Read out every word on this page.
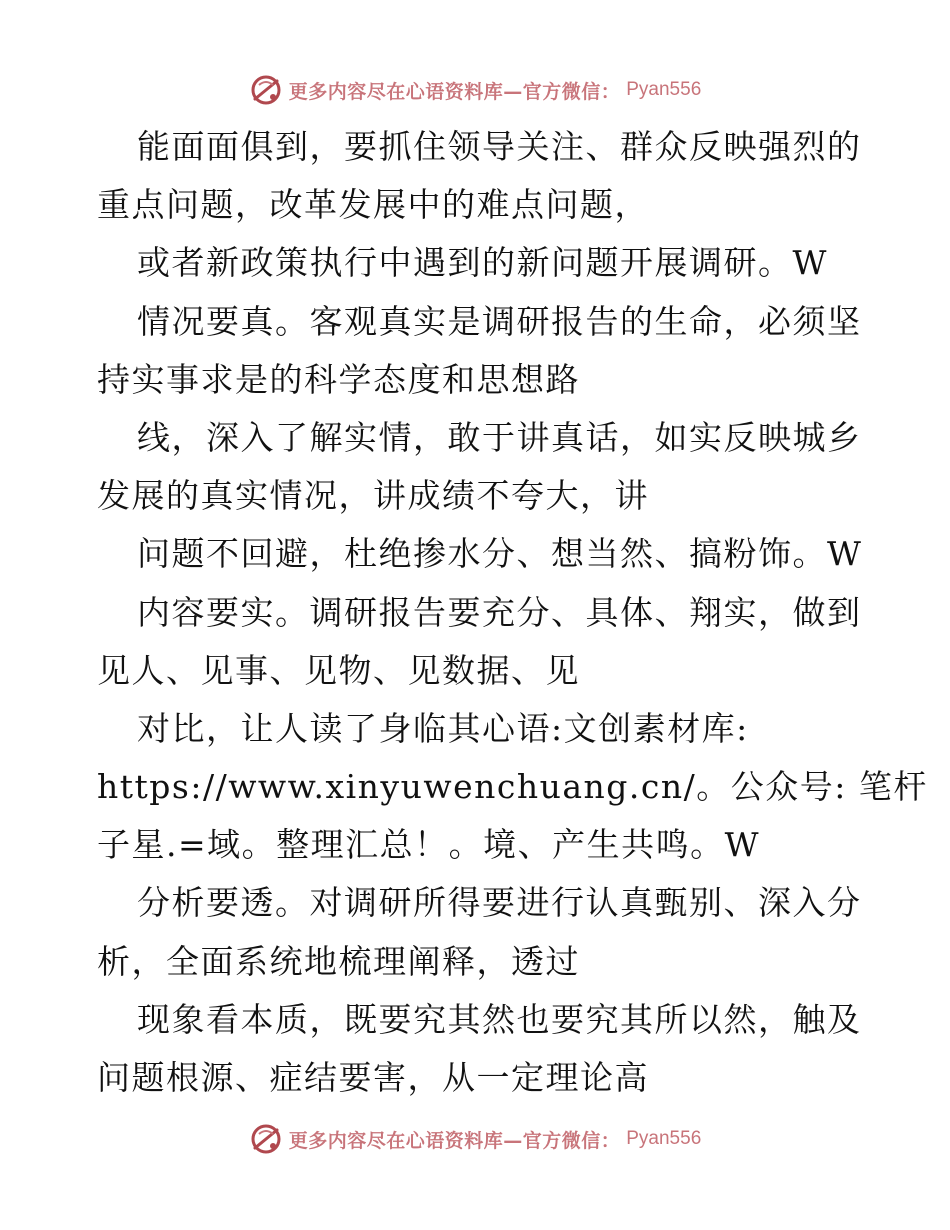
更多内容尽在心语资料库—官方微信： Pyan556
能面面俱到，要抓住领导关注、群众反映强烈的
重点问题，改革发展中的难点问题，
或者新政策执行中遇到的新问题开展调研。W
情况要真。客观真实是调研报告的生命，必须坚
持实事求是的科学态度和思想路
线，深入了解实情，敢于讲真话，如实反映城乡
发展的真实情况，讲成绩不夸大，讲
问题不回避，杜绝掺水分、想当然、搞粉饰。W
内容要实。调研报告要充分、具体、翔实，做到
见人、见事、见物、见数据、见
对比，让人读了身临其心语:文创素材库:
https://www.xinyuwenchuang.cn/。公众号: 笔杆
子星.=域。整理汇总！。境、产生共鸣。W
分析要透。对调研所得要进行认真甄别、深入分
析，全面系统地梳理阐释，透过
现象看本质，既要究其然也要究其所以然，触及
问题根源、症结要害，从一定理论高
更多内容尽在心语资料库—官方微信： Pyan556
